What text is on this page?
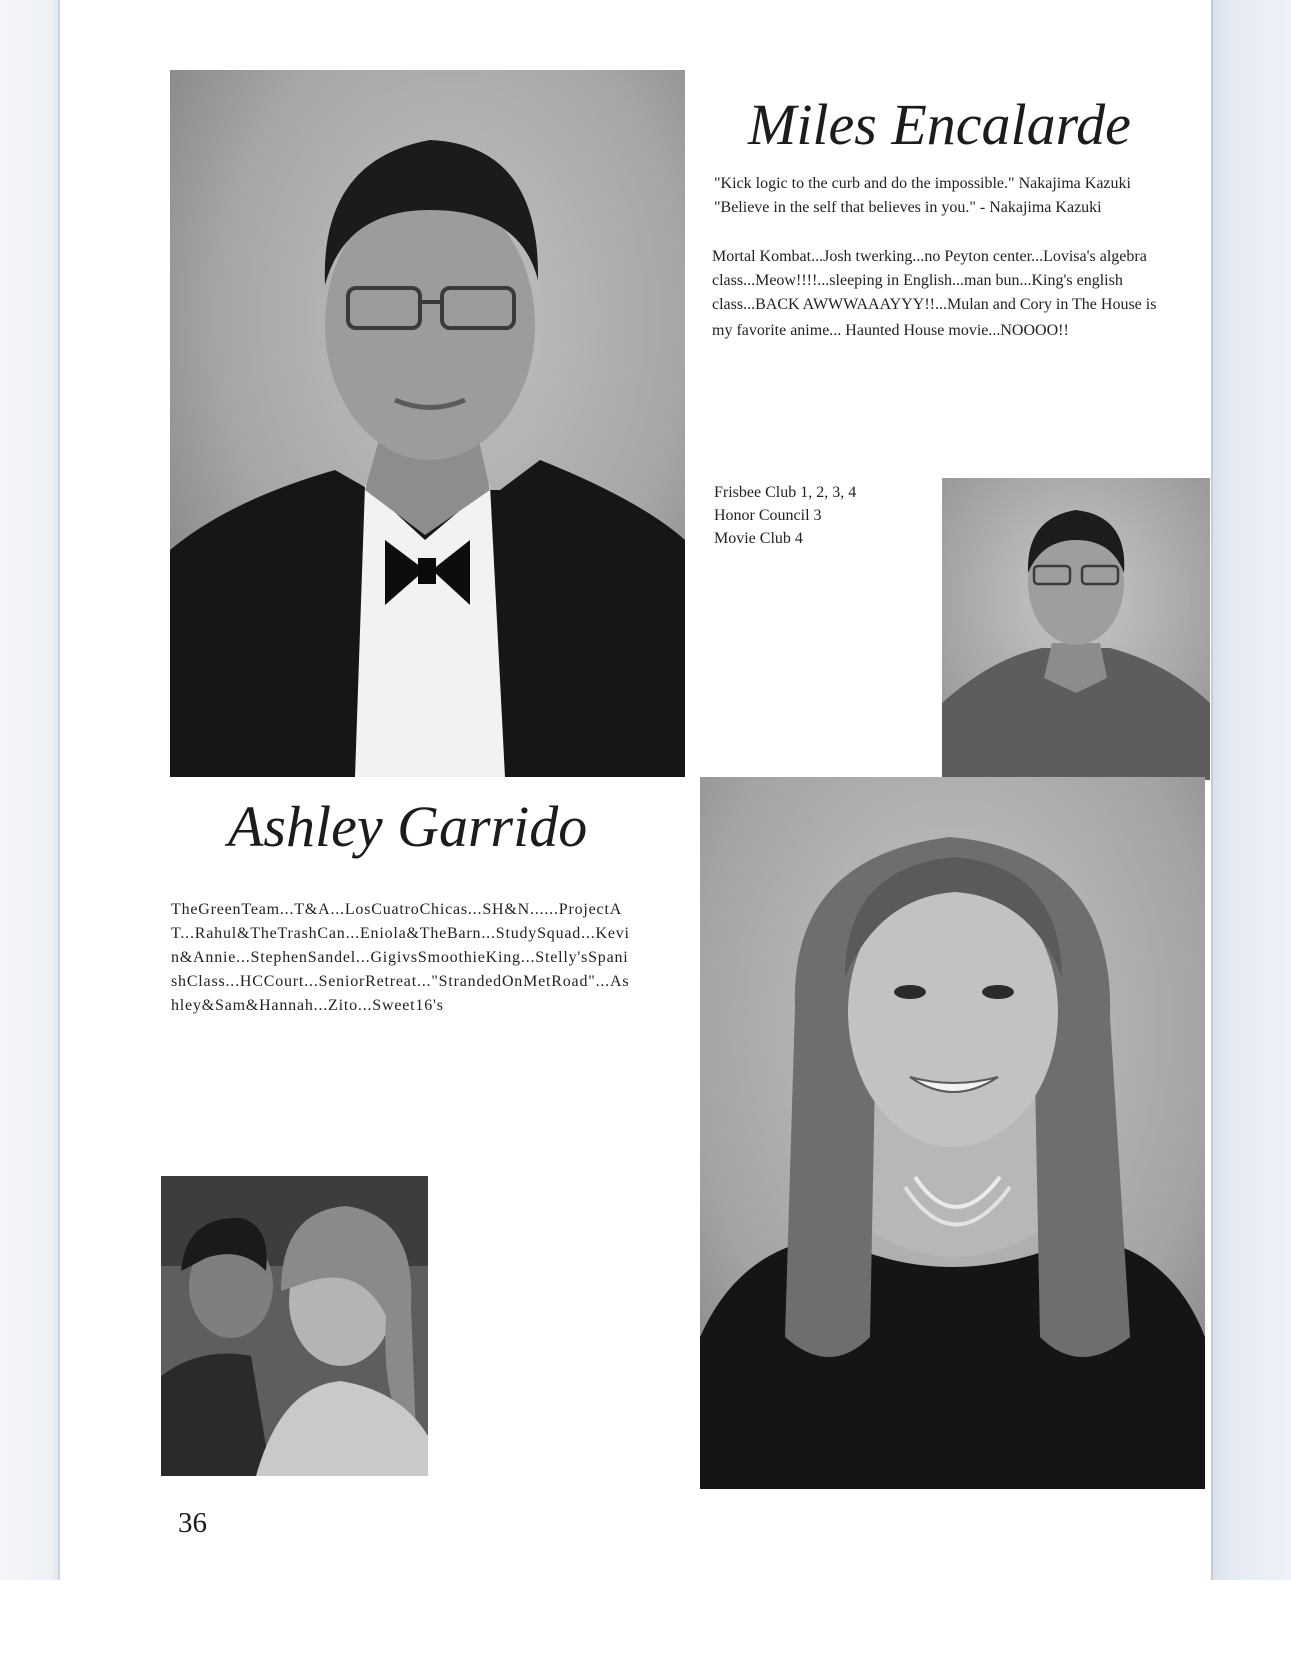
Miles Encalarde
"Kick logic to the curb and do the impossible." Nakajima Kazuki
"Believe in the self that believes in you." - Nakajima Kazuki
Mortal Kombat...Josh twerking...no Peyton center...Lovisa's algebra
class...Meow!!!!...sleeping in English...man bun...King's english
class...BACK AWWWAAAYYY!!...Mulan and Cory in The House is
my favorite anime... Haunted House movie...NOOOO!!
Frisbee Club 1, 2, 3, 4
Honor Council 3
Movie Club 4
Ashley Garrido
TheGreenTeam...T&A...LosCuatroChicas...SH&N......ProjectA
T...Rahul&TheTrashCan...Eniola&TheBarn...StudySquad...Kevi
n&Annie...StephenSandel...GigivsSmoothieKing...Stelly'sSpani
shClass...HCCourt...SeniorRetreat..."StrandedOnMetRoad"...As
hley&Sam&Hannah...Zito...Sweet16's
36
